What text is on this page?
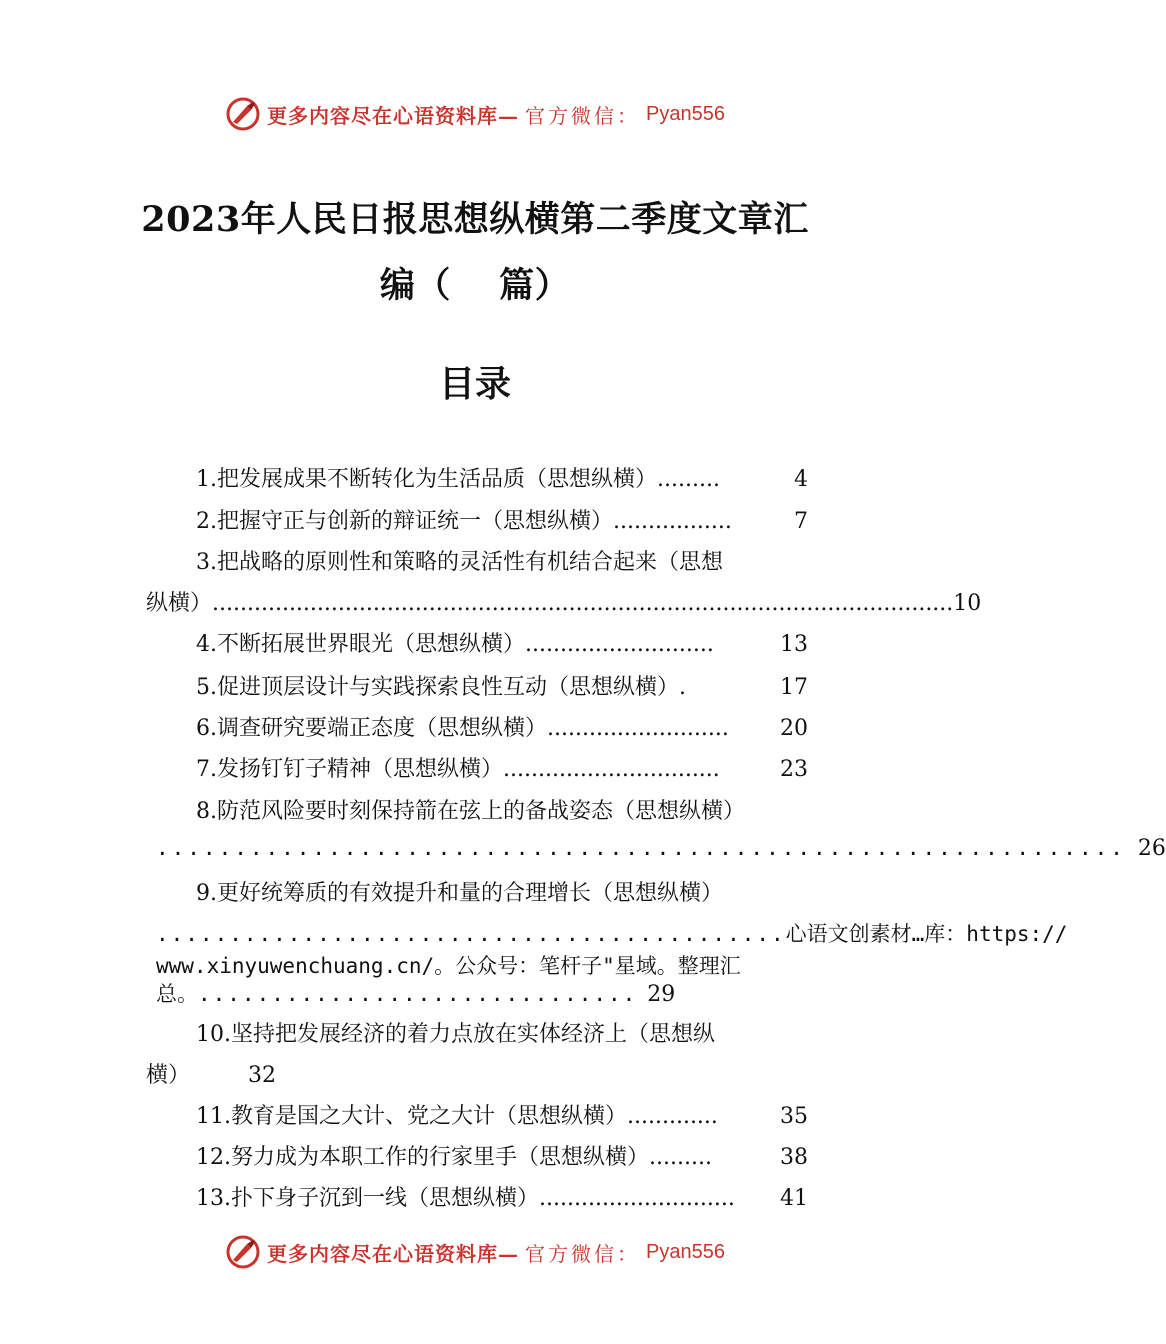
更多内容尽在心语资料库— 官方微信： Pyan556
2023年人民日报思想纵横第二季度文章汇
编（　 篇）
目录
1.把发展成果不断转化为生活品质（思想纵横） .........	4
2.把握守正与创新的辩证统一（思想纵横） .................	7
3.把战略的原则性和策略的灵活性有机结合起来（思想
纵横） .......................................................................................................... 10
4.不断拓展世界眼光（思想纵横） ...........................	13
5.促进顶层设计与实践探索良性互动（思想纵横）.	17
6.调查研究要端正态度（思想纵横） ..........................	20
7.发扬钉钉子精神（思想纵横） ...............................	23
8.防范风险要时刻保持箭在弦上的备战姿态（思想纵横）
.............................................................. 26
9.更好统筹质的有效提升和量的合理增长（思想纵横）
........................................... 心语文创素材…库：https://
www.xinyuwenchuang.cn/。公众号：笔杆子"星域。整理汇
总。 .............................. 29
10.坚持把发展经济的着力点放在实体经济上（思想纵
横）	32
11.教育是国之大计、党之大计（思想纵横） .............	35
12.努力成为本职工作的行家里手（思想纵横） .........	38
13.扑下身子沉到一线（思想纵横） ............................	41
更多内容尽在心语资料库— 官方微信： Pyan556
